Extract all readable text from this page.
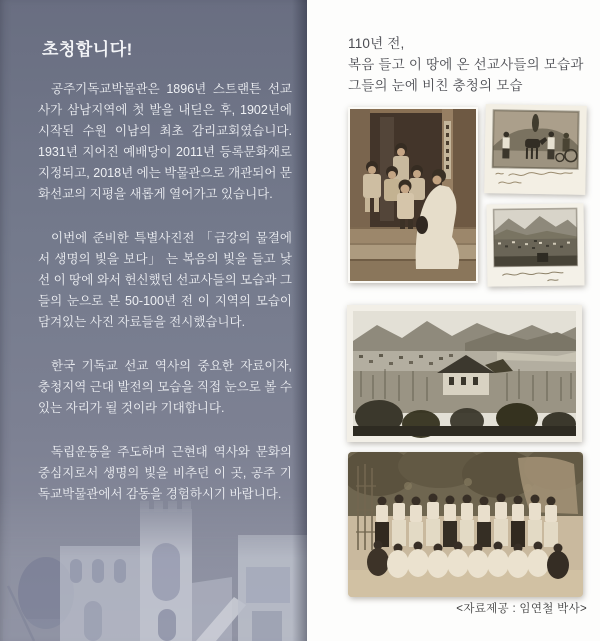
초청합니다!

공주기독교박물관은 1896년 스트랜튼 선교사가 삼남지역에 첫 발을 내딛은 후, 1902년에 시작된 수원 이남의 최초 감리교회였습니다. 1931년 지어진 예배당이 2011년 등록문화재로 지정되고, 2018년 에는 박물관으로 개관되어 문화선교의 지평을 새롭게 열어가고 있습니다.

이번에 준비한 특별사진전 「금강의 물결에서 생명의 빛을 보다」 는 복음의 빛을 들고 낯선 이 땅에 와서 헌신했던 선교사들의 모습과 그들의 눈으로 본 50-100년 전 이 지역의 모습이 담겨있는 사진 자료들을 전시했습니다.

한국 기독교 선교 역사의 중요한 자료이자, 충청지역 근대 발전의 모습을 직접 눈으로 볼 수 있는 자리가 될 것이라 기대합니다.

독립운동을 주도하며 근현대 역사와 문화의 중심지로서 생명의 빛을 비추던 이 곳, 공주 기독교박물관에서 감동을 경험하시기 바랍니다.

110년 전,
복음 들고 이 땅에 온 선교사들의 모습과
그들의 눈에 비친 충청의 모습
<자료제공 : 임연철 박사>
